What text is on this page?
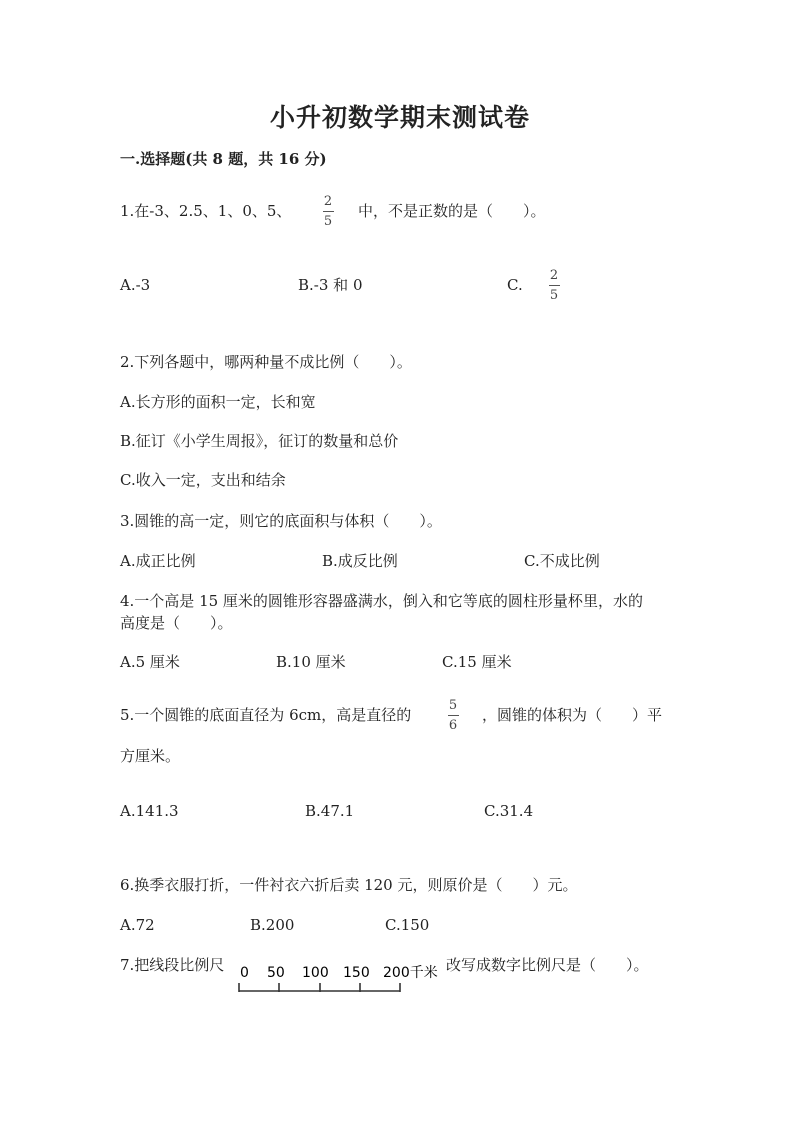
小升初数学期末测试卷
一.选择题(共 8 题，共 16 分)
1.在-3、2.5、1、0、5、
2
5
中，不是正数的是（　　）。
A.-3	B.-3 和 0	C.
2
5
2.下列各题中，哪两种量不成比例（　　）。
A.长方形的面积一定，长和宽
B.征订《小学生周报》，征订的数量和总价
C.收入一定，支出和结余
3.圆锥的高一定，则它的底面积与体积（　　）。
A.成正比例	B.成反比例	C.不成比例
4.一个高是 15 厘米的圆锥形容器盛满水，倒入和它等底的圆柱形量杯里，水的
高度是（　　）。
A.5 厘米	B.10 厘米	C.15 厘米
5.一个圆锥的底面直径为 6cm，高是直径的
5
6
，圆锥的体积为（　　）平
方厘米。
A.141.3	B.47.1	C.31.4
6.换季衣服打折，一件衬衣六折后卖 120 元，则原价是（　　）元。
A.72	B.200	C.150
7.把线段比例尺 0 50 100 150 200千米 改写成数字比例尺是（　　）。
